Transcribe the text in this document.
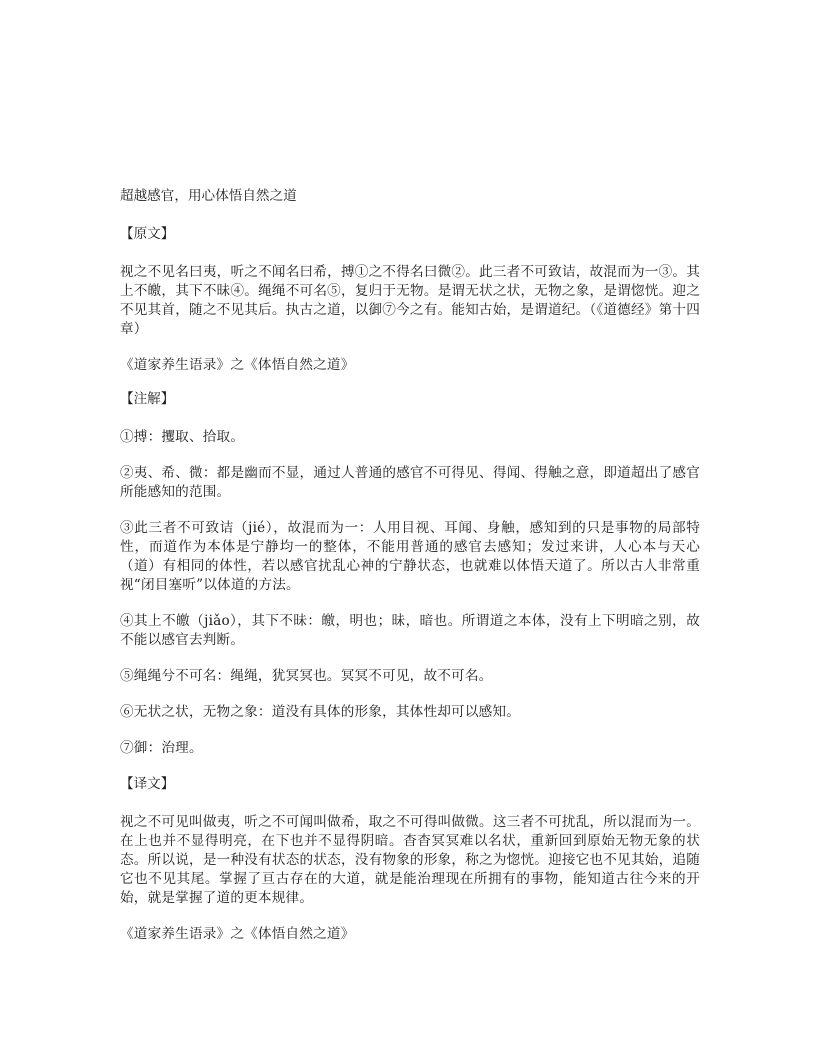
超越感官，用心体悟自然之道

【原文】

视之不见名曰夷，听之不闻名曰希，搏①之不得名曰微②。此三者不可致诘，故混而为一③。其上不皦，其下不昧④。绳绳不可名⑤，复归于无物。是谓无状之状，无物之象，是谓惚恍。迎之不见其首，随之不见其后。执古之道，以御⑦今之有。能知古始，是谓道纪。（《道德经》第十四章）

《道家养生语录》之《体悟自然之道》

【注解】

①搏：攫取、拾取。

②夷、希、微：都是幽而不显，通过人普通的感官不可得见、得闻、得触之意，即道超出了感官所能感知的范围。

③此三者不可致诘（jié），故混而为一：人用目视、耳闻、身触，感知到的只是事物的局部特性，而道作为本体是宁静均一的整体，不能用普通的感官去感知；发过来讲，人心本与天心（道）有相同的体性，若以感官扰乱心神的宁静状态，也就难以体悟天道了。所以古人非常重视“闭目塞听”以体道的方法。

④其上不皦（jiǎo），其下不昧：皦，明也；昧，暗也。所谓道之本体，没有上下明暗之别，故不能以感官去判断。

⑤绳绳兮不可名：绳绳，犹冥冥也。冥冥不可见，故不可名。

⑥无状之状，无物之象：道没有具体的形象，其体性却可以感知。

⑦御：治理。

【译文】

视之不可见叫做夷，听之不可闻叫做希，取之不可得叫做微。这三者不可扰乱，所以混而为一。在上也并不显得明亮，在下也并不显得阴暗。杳杳冥冥难以名状，重新回到原始无物无象的状态。所以说，是一种没有状态的状态，没有物象的形象，称之为惚恍。迎接它也不见其始，追随它也不见其尾。掌握了亘古存在的大道，就是能治理现在所拥有的事物，能知道古往今来的开始，就是掌握了道的更本规律。

《道家养生语录》之《体悟自然之道》
